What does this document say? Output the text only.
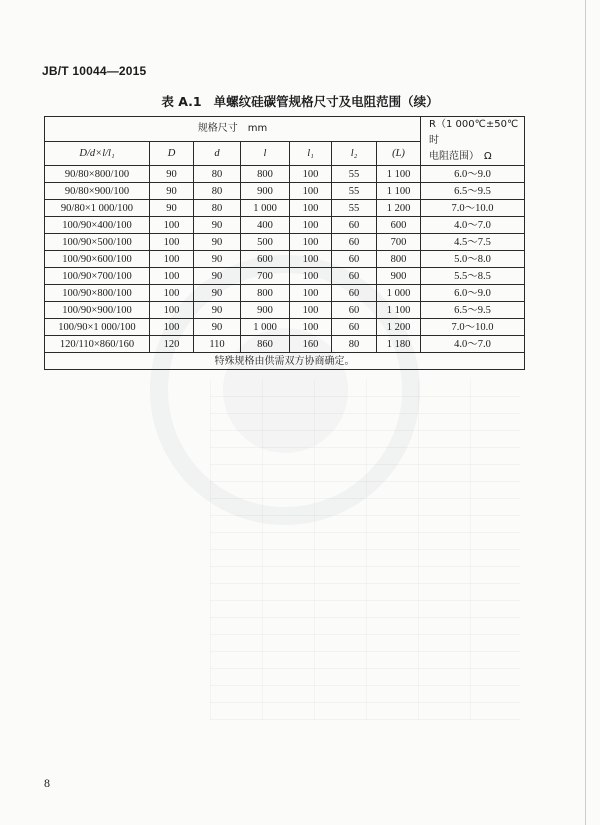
JB/T 10044—2015
表 A.1 单螺纹硅碳管规格尺寸及电阻范围（续）
规格尺寸　mm							R（1 000℃±50℃时
电阻范围）　Ω

D/d×l/l₁	D	d	l	l₁	l₂	(L)	
90/80×800/100	90	80	800	100	55	1 100	6.0～9.0
90/80×900/100	90	80	900	100	55	1 100	6.5～9.5
90/80×1 000/100	90	80	1 000	100	55	1 200	7.0～10.0
100/90×400/100	100	90	400	100	60	600	4.0～7.0
100/90×500/100	100	90	500	100	60	700	4.5～7.5
100/90×600/100	100	90	600	100	60	800	5.0～8.0
100/90×700/100	100	90	700	100	60	900	5.5～8.5
100/90×800/100	100	90	800	100	60	1 000	6.0～9.0
100/90×900/100	100	90	900	100	60	1 100	6.5～9.5
100/90×1 000/100	100	90	1 000	100	60	1 200	7.0～10.0
120/110×860/160	120	110	860	160	80	1 180	4.0～7.0
特殊规格由供需双方协商确定。							
8
